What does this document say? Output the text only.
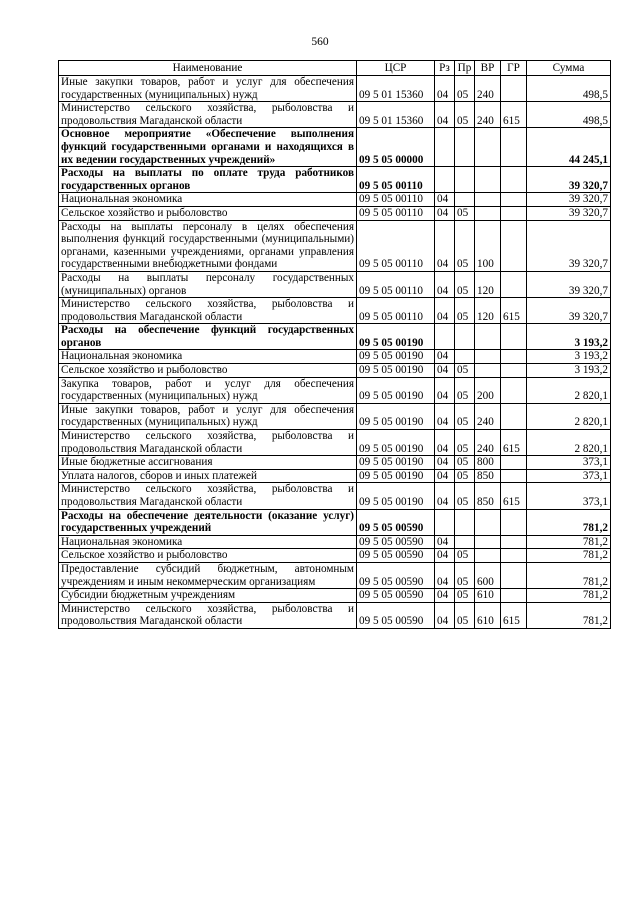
560
Наименование	ЦСР	Рз	Пр	ВР	ГР	Сумма
Иные закупки товаров, работ и услуг для обеспечения государственных (муниципальных) нужд	09 5 01 15360	04	05	240		498,5
Министерство сельского хозяйства, рыболовства и продовольствия Магаданской области	09 5 01 15360	04	05	240	615	498,5
Основное мероприятие «Обеспечение выполнения функций государственными органами и находящихся в их ведении государственных учреждений»	09 5 05 00000					44 245,1
Расходы на выплаты по оплате труда работников государственных органов	09 5 05 00110					39 320,7
Национальная экономика	09 5 05 00110	04				39 320,7
Сельское хозяйство и рыболовство	09 5 05 00110	04	05			39 320,7
Расходы на выплаты персоналу в целях обеспечения выполнения функций государственными (муниципальными) органами, казенными учреждениями, органами управления государственными внебюджетными фондами	09 5 05 00110	04	05	100		39 320,7
Расходы на выплаты персоналу государственных (муниципальных) органов	09 5 05 00110	04	05	120		39 320,7
Министерство сельского хозяйства, рыболовства и продовольствия Магаданской области	09 5 05 00110	04	05	120	615	39 320,7
Расходы на обеспечение функций государственных органов	09 5 05 00190					3 193,2
Национальная экономика	09 5 05 00190	04				3 193,2
Сельское хозяйство и рыболовство	09 5 05 00190	04	05			3 193,2
Закупка товаров, работ и услуг для обеспечения государственных (муниципальных) нужд	09 5 05 00190	04	05	200		2 820,1
Иные закупки товаров, работ и услуг для обеспечения государственных (муниципальных) нужд	09 5 05 00190	04	05	240		2 820,1
Министерство сельского хозяйства, рыболовства и продовольствия Магаданской области	09 5 05 00190	04	05	240	615	2 820,1
Иные бюджетные ассигнования	09 5 05 00190	04	05	800		373,1
Уплата налогов, сборов и иных платежей	09 5 05 00190	04	05	850		373,1
Министерство сельского хозяйства, рыболовства и продовольствия Магаданской области	09 5 05 00190	04	05	850	615	373,1
Расходы на обеспечение деятельности (оказание услуг) государственных учреждений	09 5 05 00590					781,2
Национальная экономика	09 5 05 00590	04				781,2
Сельское хозяйство и рыболовство	09 5 05 00590	04	05			781,2
Предоставление субсидий бюджетным, автономным учреждениям и иным некоммерческим организациям	09 5 05 00590	04	05	600		781,2
Субсидии бюджетным учреждениям	09 5 05 00590	04	05	610		781,2
Министерство сельского хозяйства, рыболовства и продовольствия Магаданской области	09 5 05 00590	04	05	610	615	781,2
